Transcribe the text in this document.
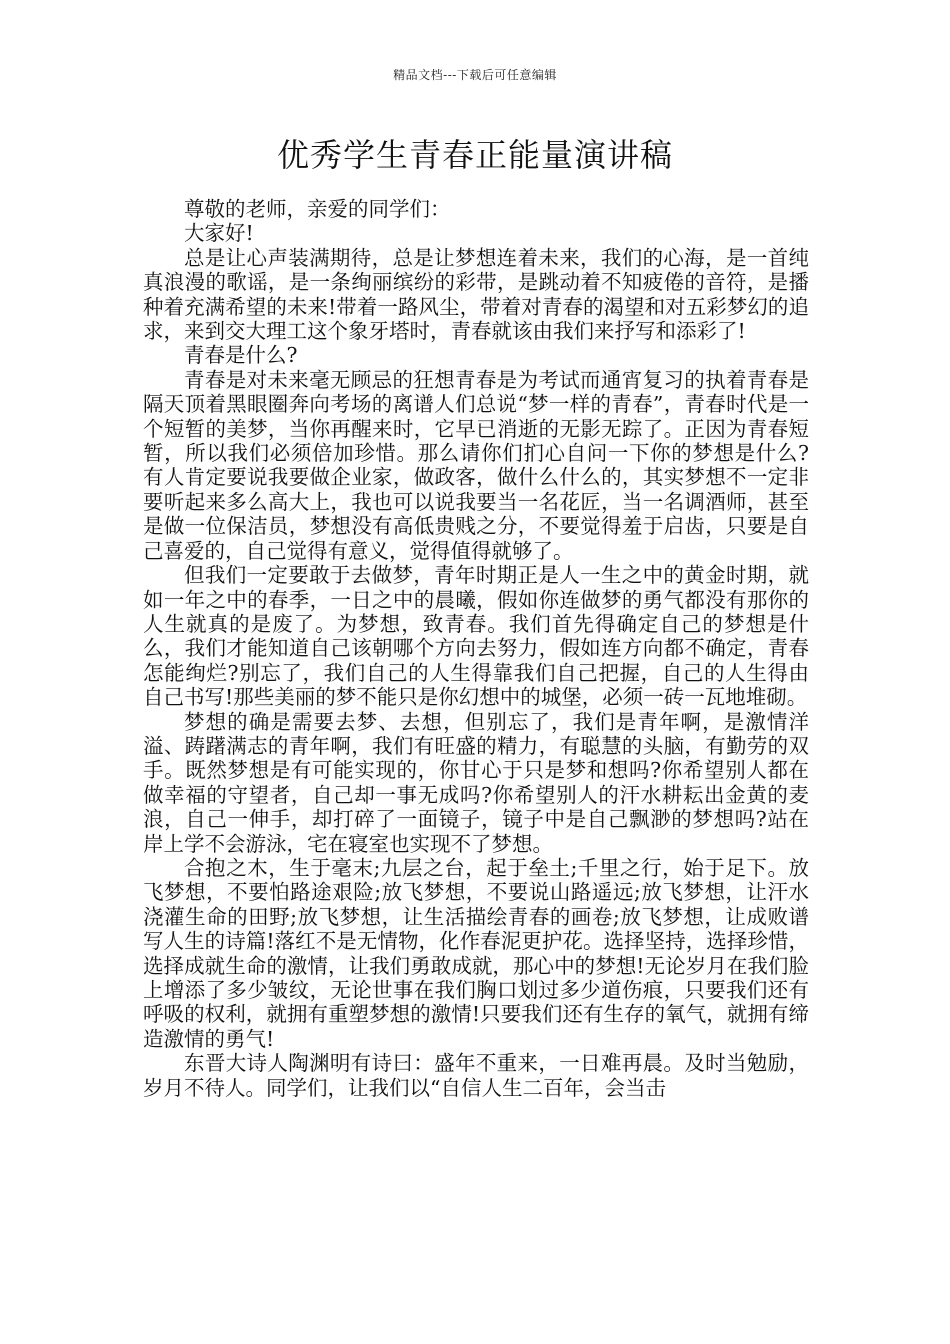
精品文档---下载后可任意编辑
优秀学生青春正能量演讲稿

尊敬的老师，亲爱的同学们：

大家好!

总是让心声装满期待，总是让梦想连着未来，我们的心海，是一首纯真浪漫的歌谣，是一条绚丽缤纷的彩带，是跳动着不知疲倦的音符，是播种着充满希望的未来!带着一路风尘，带着对青春的渴望和对五彩梦幻的追求，来到交大理工这个象牙塔时，青春就该由我们来抒写和添彩了!

青春是什么?

青春是对未来毫无顾忌的狂想青春是为考试而通宵复习的执着青春是隔天顶着黑眼圈奔向考场的离谱人们总说“梦一样的青春”，青春时代是一个短暂的美梦，当你再醒来时，它早已消逝的无影无踪了。正因为青春短暂，所以我们必须倍加珍惜。那么请你们扪心自问一下你的梦想是什么?有人肯定要说我要做企业家，做政客，做什么什么的，其实梦想不一定非要听起来多么高大上，我也可以说我要当一名花匠，当一名调酒师，甚至是做一位保洁员，梦想没有高低贵贱之分，不要觉得羞于启齿，只要是自己喜爱的，自己觉得有意义，觉得值得就够了。

但我们一定要敢于去做梦，青年时期正是人一生之中的黄金时期，就如一年之中的春季，一日之中的晨曦，假如你连做梦的勇气都没有那你的人生就真的是废了。为梦想，致青春。我们首先得确定自己的梦想是什么，我们才能知道自己该朝哪个方向去努力，假如连方向都不确定，青春怎能绚烂?别忘了，我们自己的人生得靠我们自己把握，自己的人生得由自己书写!那些美丽的梦不能只是你幻想中的城堡，必须一砖一瓦地堆砌。

梦想的确是需要去梦、去想，但别忘了，我们是青年啊，是激情洋溢、踌躇满志的青年啊，我们有旺盛的精力，有聪慧的头脑，有勤劳的双手。既然梦想是有可能实现的，你甘心于只是梦和想吗?你希望别人都在做幸福的守望者，自己却一事无成吗?你希望别人的汗水耕耘出金黄的麦浪，自己一伸手，却打碎了一面镜子，镜子中是自己飘渺的梦想吗?站在岸上学不会游泳，宅在寝室也实现不了梦想。

合抱之木，生于毫末;九层之台，起于垒土;千里之行，始于足下。放飞梦想，不要怕路途艰险;放飞梦想，不要说山路遥远;放飞梦想，让汗水浇灌生命的田野;放飞梦想，让生活描绘青春的画卷;放飞梦想，让成败谱写人生的诗篇!落红不是无情物，化作春泥更护花。选择坚持，选择珍惜，选择成就生命的激情，让我们勇敢成就，那心中的梦想!无论岁月在我们脸上增添了多少皱纹，无论世事在我们胸口划过多少道伤痕，只要我们还有呼吸的权利，就拥有重塑梦想的激情!只要我们还有生存的氧气，就拥有缔造激情的勇气!

东晋大诗人陶渊明有诗曰：盛年不重来，一日难再晨。及时当勉励，岁月不待人。同学们，让我们以“自信人生二百年，会当击
